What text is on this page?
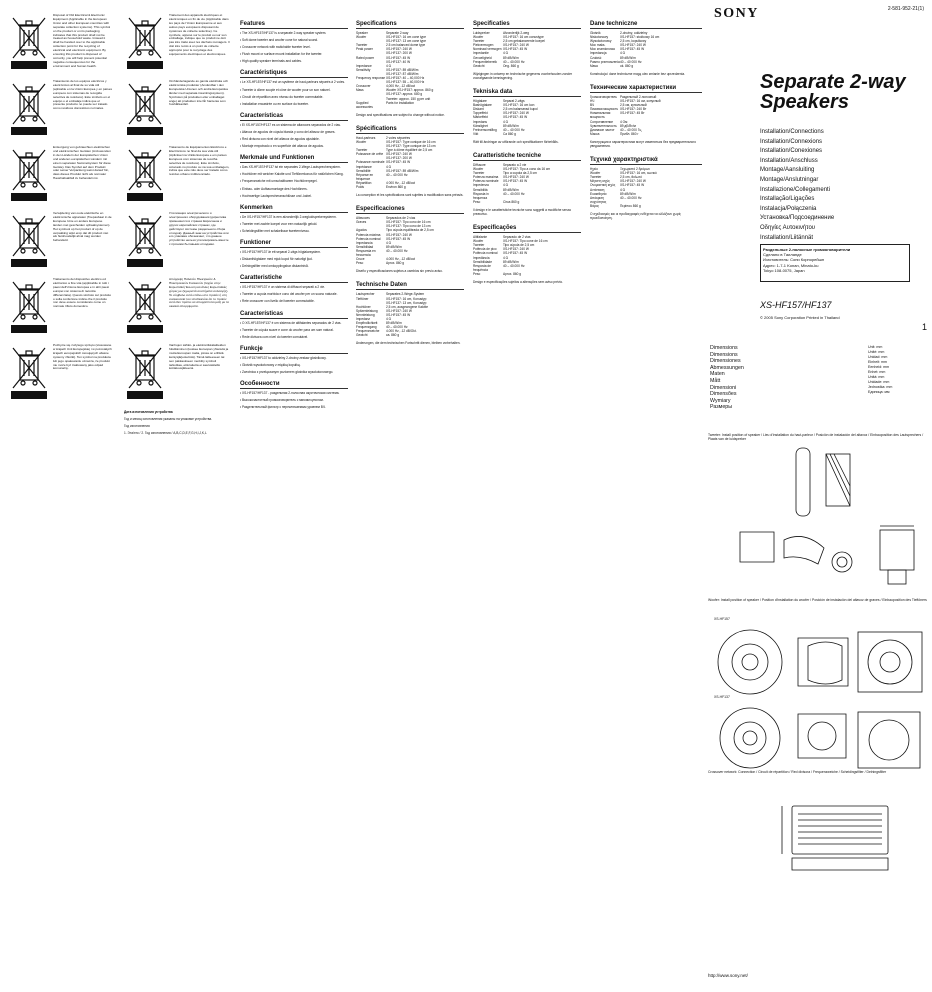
Disposal of Old Electrical & Electronic Equipment (Applicable in the European Union and other European countries with separate collection systems). This symbol on the product or on its packaging indicates that this product shall not be treated as household waste. Instead it shall be handed over to the applicable collection point for the recycling of electrical and electronic equipment. By ensuring this product is disposed of correctly, you will help prevent potential negative consequences for the environment and human health.
Tratamiento de los equipos eléctricos y electrónicos al final de su vida útil (aplicable en la Unión Europea y en países europeos con sistemas de recogida selectiva de residuos). Este símbolo en el equipo o el embalaje indica que el presente producto no puede ser tratado como residuos domésticos normales.
Entsorgung von gebrauchten elektrischen und elektronischen Geräten (Anzuwenden in den Ländern der Europäischen Union und anderen europäischen Ländern mit einem separaten Sammelsystem für diese Geräte). Das Symbol auf dem Produkt oder seiner Verpackung weist darauf hin, dass dieses Produkt nicht als normaler Haushaltsabfall zu behandeln ist.
Verwijdering van oude elektrische en elektronische apparaten (Toepasbaar in de Europese Unie en andere Europese landen met gescheiden ophaalsystemen). Het symbool op het product of op de verpakking wijst erop dat dit product niet als huishoudelijk afval mag worden behandeld.
Trattamento del dispositivo elettrico od elettronico a fine vita (applicabile in tutti i paesi dell'Unione Europea e in altri paesi europei con sistema di raccolta differenziata). Questo simbolo sul prodotto o sulla confezione indica che il prodotto non deve essere considerato come un normale rifiuto domestico.
Pozbycie się zużytego sprzętu (stosowane w krajach Unii Europejskiej i w pozostałych krajach europejskich stosujących własne systemy zbiórki). Ten symbol na produkcie lub jego opakowaniu oznacza, że produkt nie może być traktowany jako odpad komunalny.
Traitement des appareils électriques et électroniques en fin de vie (Applicable dans les pays de l'Union Européenne et aux autres pays européens disposant de systèmes de collecte sélective). Ce symbole, apposé sur le produit ou sur son emballage, indique que ce produit ne doit pas être traité avec les déchets ménagers. Il doit être remis à un point de collecte approprié pour le recyclage des équipements électriques et électroniques.
Omhändertagande av gamla elektriska och elektroniska produkter (Användbar i den Europeiska Unionen och andra Europeiska länder med separata insamlingssystem). Symbolen på produkten eller emballaget anger att produkten inte får hanteras som hushållsavfall.
Tratamento de Equipamentos Eléctricos e Electrónicos no final da sua vida útil (Aplicável na União Europeia e em países Europeus com sistemas de recolha selectiva de resíduos). Este símbolo, colocado no produto ou na sua embalagem, indica que este não deve ser tratado como resíduo urbano indiferenciado.
Утилизация электрического и электронного оборудования (директива применяется в странах Евросоюза и других европейских странах, где действуют системы раздельного сбора отходов). Данный знак на устройстве или его упаковке обозначает, что данное устройство нельзя утилизировать вместе с прочими бытовыми отходами.
Απόρριψη Παλαιών Ηλεκτρικών & Ηλεκτρονικών Συσκευών (Ισχύει στην Ευρωπαϊκή Ένωση και άλλες Ευρωπαϊκές χώρες με ξεχωριστά συστήματα συλλογής). Το σύμβολο αυτό επάνω στο προϊόν ή στη συσκευασία του υποδεικνύει ότι το προϊόν αυτό δεν πρέπει να απορρίπτεται μαζί με τα οικιακά απορρίμματα.
Vanhojen sähkö- ja elektroniikkalaitteiden hävittäminen (koskee Euroopan yhteisöä ja muita Euroopan maita, joissa on erillisiä keräysjärjestelmiä). Tämä laitteeseen tai sen pakkaukseen merkitty symboli tarkoittaa, että laitetta ei saa käsitellä kotitalousjätteenä.

Дата изготовления устройства

Год и месяц изготовления указаны на упаковке устройства.

Год изготовления

1. Эта/это / 2. Год изготовления / А,В,C,D,E,F,G,H,I,J,K,L

Features

• The XS-HF157/HF137 is a separate 2-way speaker system.

• Soft dome tweeter and woofer cone for natural sound.

• Crossover network with switchable tweeter level.

• Flush mount or surface mount installation for the tweeter.

• High quality speaker terminals and cables.

Caractéristiques

• Le XS-HF157/HF137 est un système de haut-parleurs séparés à 2 voies.

• Tweeter à dôme souple et cône de woofer pour un son naturel.

• Circuit de répartition avec niveau du tweeter commutable.

• Installation encastrée ou en surface du tweeter.

Características

• El XS-HF157/HF137 es un sistema de altavoces separados de 2 vías.

• Altavoz de agudos de cúpula blanda y cono del altavoz de graves.

• Red divisora con nivel del altavoz de agudos ajustable.

• Montaje empotrado o en superficie del altavoz de agudos.

Merkmale und Funktionen

• Das XS-HF157/HF137 ist ein separates 2-Wege-Lautsprechersystem.

• Hochtöner mit weicher Kalotte und Tieftönerkonus für natürlichen Klang.

• Frequenzweiche mit umschaltbarem Hochtönerpegel.

• Einbau- oder Aufbaumontage des Hochtöners.

• Hochwertige Lautsprecheranschlüsse und -kabel.

Kenmerken

• De XS-HF157/HF137 is een afzonderlijk 2-wegluidsprekersysteem.

• Tweeter met zachte koepel voor een natuurlijk geluid.

• Scheidingsfilter met schakelbaar tweeterniveau.

Funktioner

• XS-HF157/HF137 är ett separat 2-vägs högtalarsystem.

• Diskanthögtalare med mjuk kupol för naturligt ljud.

• Delningsfilter med omkopplingsbar diskantnivå.

Caratteristiche

• XS-HF157/HF137 è un sistema di diffusori separati a 2 vie.

• Tweeter a cupola morbida e cono del woofer per un suono naturale.

• Rete crossover con livello del tweeter commutabile.

Características

• O XS-HF157/HF137 é um sistema de altifalantes separados de 2 vias.

• Tweeter de cúpula suave e cone do woofer para um som natural.

• Rede divisora com nível do tweeter comutável.

Funkcje

• XS-HF157/HF137 to oddzielny 2-drożny zestaw głośnikowy.

• Głośnik wysokotonowy z miękką kopułką.

• Zwrotnica z przełączanym poziomem głośnika wysokotonowego.

Особенности

• XS-HF157/HF137 - раздельная 2-полосная акустическая система.

• Высокочастотный громкоговоритель с мягким куполом.

• Разделительный фильтр с переключаемым уровнем ВЧ.

Specifications
Speaker	Separate 2-way
Woofer	XS-HF157: 16 cm cone type
XS-HF137: 13 cm cone type
Tweeter	2.5 cm balanced dome type
Peak power	XS-HF157: 240 W
XS-HF137: 200 W
Rated power	XS-HF157: 45 W
XS-HF137: 40 W
Impedance	4 Ω
Sensitivity	XS-HF157: 89 dB/W/m
XS-HF137: 87 dB/W/m
Frequency response XS-HF157: 40 – 40,000 Hz
XS-HF137: 55 – 40,000 Hz
Crossover	4,000 Hz, -12 dB/oct
Mass	Woofer XS-HF157: approx. 860 g
XS-HF137: approx. 680 g
Tweeter: approx. 150 g per unit
Supplied accessories
Parts for installation

Design and specifications are subject to change without notice.

Spécifications
Haut-parleurs	2 voies séparées
Woofer	XS-HF157: Type conique de 16 cm
XS-HF137: Type conique de 13 cm
Tweeter	Type à dôme équilibré de 2,5 cm
Puissance de crête XS-HF157: 240 W
XS-HF137: 200 W
Puissance nominale XS-HF157: 45 W
Impédance	4 Ω
Sensibilité	XS-HF157: 89 dB/W/m
Réponse en fréquence
40 – 40 000 Hz
Répartition	4 000 Hz, -12 dB/oct
Poids	Environ 860 g

La conception et les spécifications sont sujettes à modification sans préavis.

Especificaciones
Altavoces	Separados de 2 vías
Graves	XS-HF157: Tipo cono de 16 cm
XS-HF137: Tipo cono de 13 cm
Agudos	Tipo cúpula equilibrada de 2,5 cm
Potencia máxima	XS-HF157: 240 W
Potencia nominal	XS-HF157: 45 W
Impedancia	4 Ω
Sensibilidad	89 dB/W/m
Respuesta en frecuencia
40 – 40.000 Hz
Cruce	4.000 Hz, -12 dB/oct
Peso	Aprox. 860 g

Diseño y especificaciones sujetos a cambios sin previo aviso.

Technische Daten
Lautsprecher	Separates 2-Wege-System
Tieftöner	XS-HF157: 16 cm, Konustyp
XS-HF137: 13 cm, Konustyp
Hochtöner	2,5 cm, ausgewogene Kalotte
Spitzenleistung	XS-HF157: 240 W
Nennleistung	XS-HF157: 45 W
Impedanz	4 Ω
Empfindlichkeit	89 dB/W/m
Frequenzgang	40 – 40.000 Hz
Frequenzweiche	4.000 Hz, -12 dB/Okt.
Gewicht	ca. 860 g

Änderungen, die dem technischen Fortschritt dienen, bleiben vorbehalten.

Specificaties
Luidspreker	Afzonderlijk 2-weg
Woofer	XS-HF157: 16 cm conustype
Tweeter	2,5 cm gebalanceerde koepel
Piekvermogen	XS-HF157: 240 W
Nominaal vermogen XS-HF157: 45 W
Impedantie	4 Ω
Gevoeligheid	89 dB/W/m
Frequentiebereik	40 – 40.000 Hz
Gewicht	Ong. 860 g

Wijzigingen in ontwerp en technische gegevens voorbehouden zonder voorafgaande kennisgeving.

Tekniska data
Högtalare	Separat 2-vägs
Bashögtalare	XS-HF157: 16 cm kon
Diskant	2,5 cm balanserad kupol
Toppeffekt	XS-HF157: 240 W
Märkeffekt	XS-HF157: 45 W
Impedans	4 Ω
Känslighet	89 dB/W/m
Frekvensomfång	40 – 40 000 Hz
Vikt	Ca 860 g

Rätt till ändringar av utförande och specifikationer förbehålls.

Caratteristiche tecniche
Diffusore	Separato a 2 vie
Woofer	XS-HF157: Tipo a cono da 16 cm
Tweeter	Tipo a cupola da 2,5 cm
Potenza massima	XS-HF157: 240 W
Potenza nominale	XS-HF157: 45 W
Impedenza	4 Ω
Sensibilità	89 dB/W/m
Risposta in frequenza
40 – 40.000 Hz
Peso	Circa 860 g

Il design e le caratteristiche tecniche sono soggetti a modifiche senza preavviso.

Especificações
Altifalante	Separado de 2 vias
Woofer	XS-HF157: Tipo cone de 16 cm
Tweeter	Tipo cúpula de 2,5 cm
Potência de pico	XS-HF157: 240 W
Potência nominal	XS-HF157: 45 W
Impedância	4 Ω
Sensibilidade	89 dB/W/m
Resposta de frequência
40 – 40.000 Hz
Peso	Aprox. 860 g

Design e especificações sujeitos a alterações sem aviso prévio.

Dane techniczne
Głośnik	2-drożny, oddzielny
Niskotonowy	XS-HF157: stożkowy 16 cm
Wysokotonowy	2,5 cm, kopułkowy
Moc maks.	XS-HF157: 240 W
Moc znamionowa	XS-HF157: 45 W
Impedancja	4 Ω
Czułość	89 dB/W/m
Pasmo przenoszenia 40 – 40 000 Hz
Masa	ok. 860 g

Konstrukcja i dane techniczne mogą ulec zmianie bez uprzedzenia.

Технические характеристики
Громкоговоритель Раздельный 2-полосный
НЧ	XS-HF157: 16 см, конусный
ВЧ	2,5 см, купольный
Пиковая мощность XS-HF157: 240 Вт
Номинальная мощность
XS-HF157: 45 Вт
Сопротивление	4 Ом
Чувствительность	89 дБ/Вт/м
Диапазон частот	40 – 40 000 Гц
Масса	Прибл. 860 г

Конструкция и характеристики могут изменяться без предварительного уведомления.

Τεχνικά χαρακτηριστικά
Ηχείο	Ξεχωριστό 2 δρόμων
Woofer	XS-HF157: 16 cm, κωνικό
Tweeter	2,5 cm, θολωτό
Μέγιστη ισχύς	XS-HF157: 240 W
Ονομαστική ισχύς	XS-HF157: 45 W
Αντίσταση	4 Ω
Ευαισθησία	89 dB/W/m
Απόκριση συχνότητας
40 – 40.000 Hz
Βάρος	Περίπου 860 g

Ο σχεδιασμός και οι προδιαγραφές ενδέχεται να αλλάξουν χωρίς προειδοποίηση.

SONY	2-581-952-21(1)
Separate 2-way
Speakers
Installation/Connections
Installation/Connexions
Installation/Conexiones
Installation/Anschluss
Montage/Aansluiting
Montage/Anslutningar
Installazione/Collegamenti
Installação/Ligações
Instalacja/Połączenia
Установка/Подсоединение
Οδηγίες Αυτοκινήτου
Installation/Liitännät
Раздельные 2-полосные громкоговорители
Сделано в Таиланде
Изготовитель: Сони Корпорейшн
Адрес: 1-7-1 Konan, Minato-ku
Tokyo 108-0075, Japan
XS-HF157/HF137
© 2005 Sony Corporation Printed in Thailand
1
Dimensions
Dimensions
Dimensiones
Abmessungen
Maten
Mått
Dimensioni
Dimensões
Wymiary
Размеры
Unit: mm
Unité: mm
Unidad: mm
Einheit: mm
Eenheid: mm
Enhet: mm
Unità: mm
Unidade: mm
Jednostka: mm
Единица: мм
Tweeter: Install position of speaker / Lieu d'installation du haut-parleur / Posición de instalación del altavoz / Einbauposition des Lautsprechers / Plaats van de luidspreker
Woofer: Install position of speaker / Position d'installation du woofer / Posición de instalación del altavoz de graves / Einbauposition des Tieftöners
XS-HF157
XS-HF137
Crossover network: Connection / Circuit de répartition / Red divisora / Frequenzweiche / Scheidingsfilter / Delningsfilter
http://www.sony.net/
